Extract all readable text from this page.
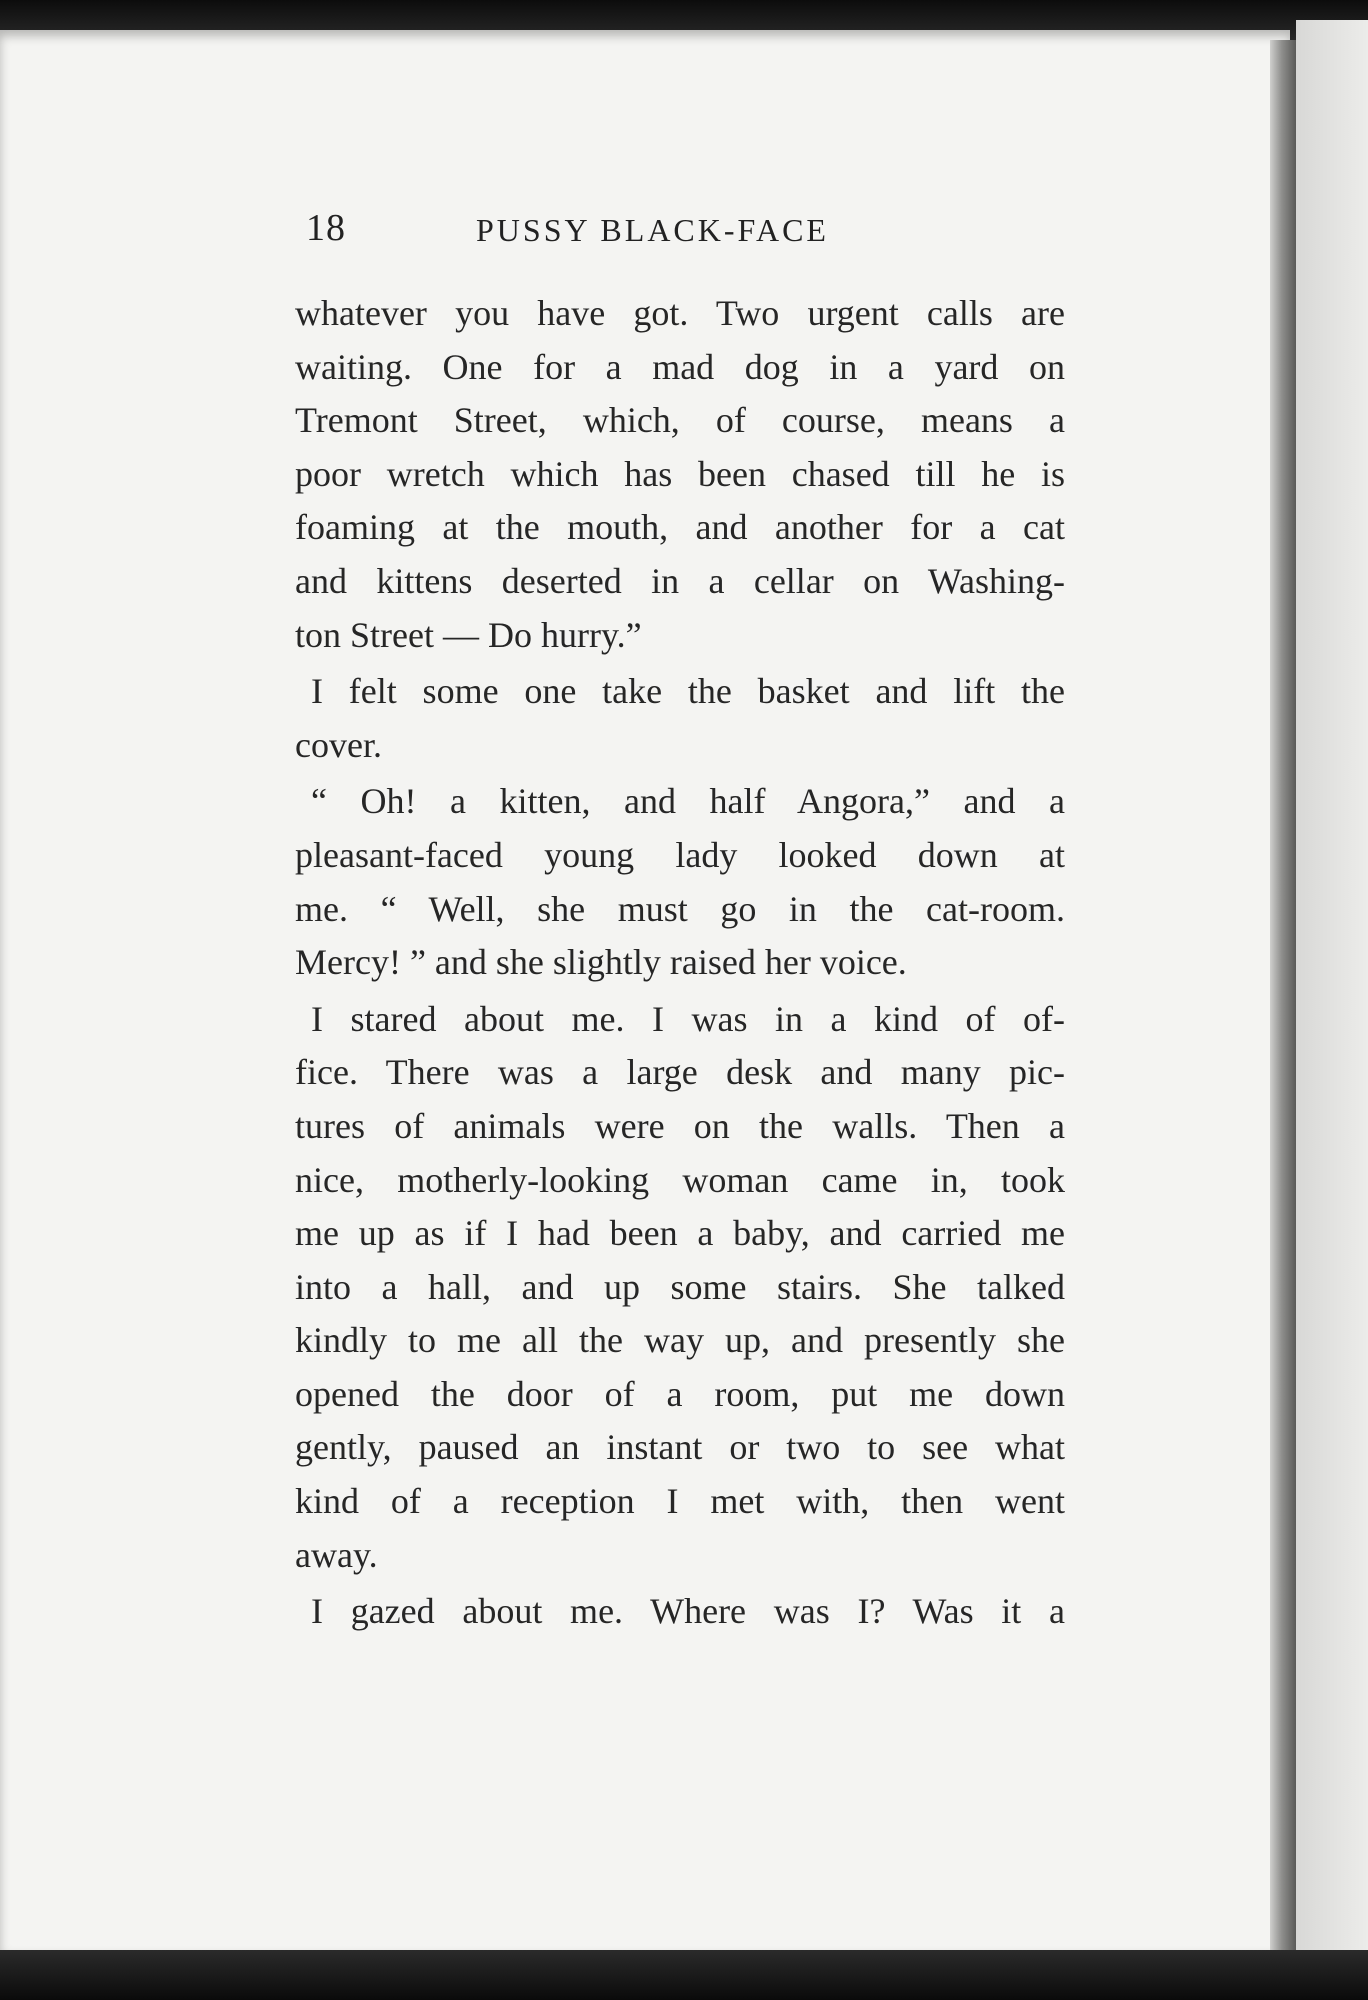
18	PUSSY BLACK-FACE
whatever you have got. Two urgent calls are
waiting. One for a mad dog in a yard on
Tremont Street, which, of course, means a
poor wretch which has been chased till he is
foaming at the mouth, and another for a cat
and kittens deserted in a cellar on Washing-
ton Street — Do hurry.”
I felt some one take the basket and lift the
cover.
“ Oh! a kitten, and half Angora,” and a
pleasant-faced young lady looked down at
me. “ Well, she must go in the cat-room.
Mercy! ” and she slightly raised her voice.
I stared about me. I was in a kind of of-
fice. There was a large desk and many pic-
tures of animals were on the walls. Then a
nice, motherly-looking woman came in, took
me up as if I had been a baby, and carried me
into a hall, and up some stairs. She talked
kindly to me all the way up, and presently she
opened the door of a room, put me down
gently, paused an instant or two to see what
kind of a reception I met with, then went
away.
I gazed about me. Where was I? Was it a
